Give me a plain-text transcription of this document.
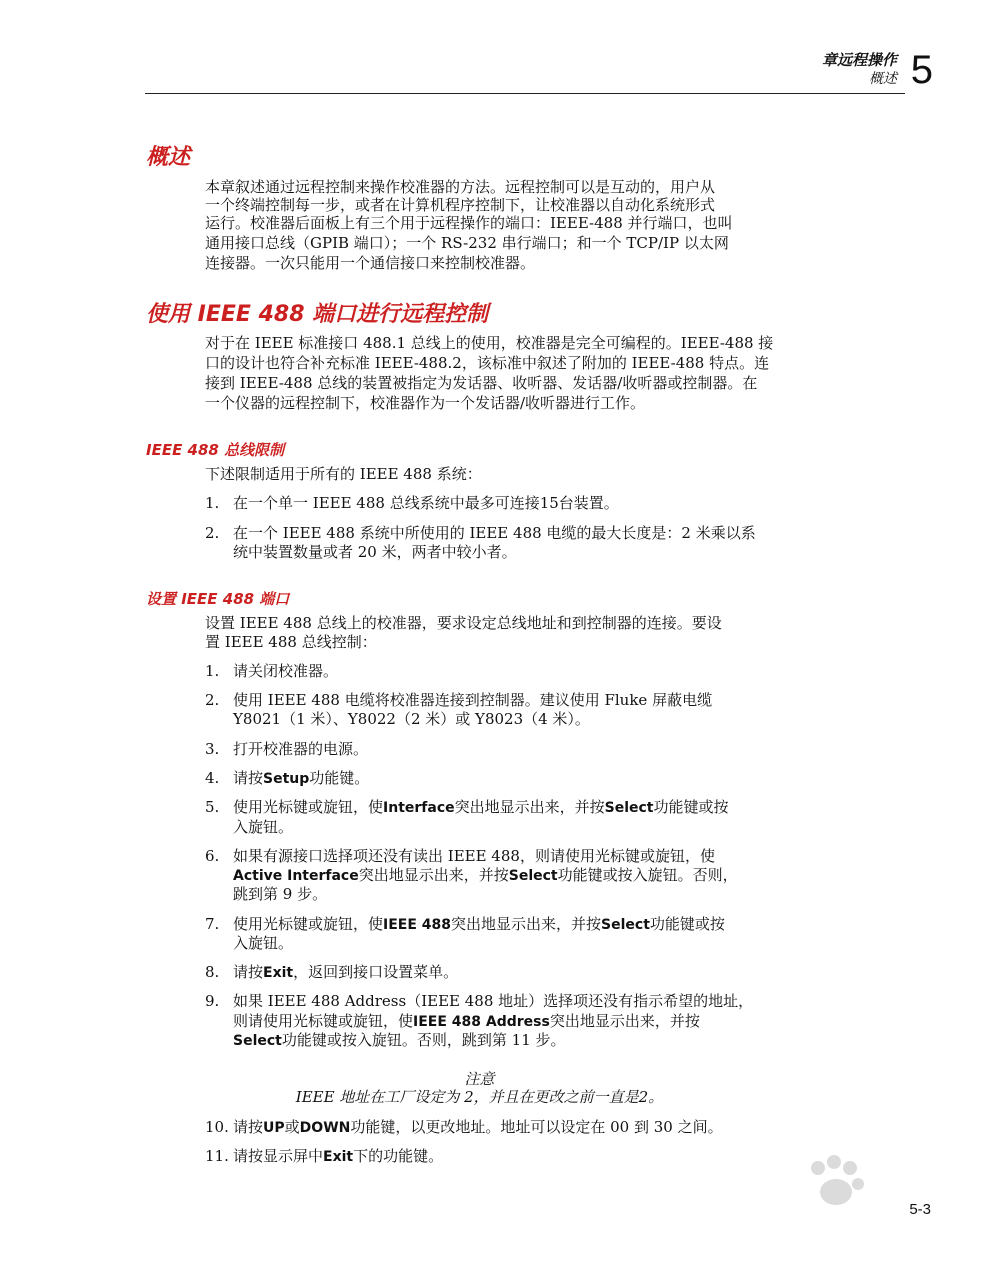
章远程操作
概述 5
概述
本章叙述通过远程控制来操作校准器的方法。远程控制可以是互动的，用户从
一个终端控制每一步，或者在计算机程序控制下，让校准器以自动化系统形式
运行。校准器后面板上有三个用于远程操作的端口：IEEE-488 并行端口，也叫
通用接口总线（GPIB 端口）；一个 RS-232 串行端口；和一个 TCP/IP 以太网
连接器。一次只能用一个通信接口来控制校准器。
使用 IEEE 488 端口进行远程控制
对于在 IEEE 标准接口 488.1 总线上的使用，校准器是完全可编程的。IEEE-488 接
口的设计也符合补充标准 IEEE-488.2，该标准中叙述了附加的 IEEE-488 特点。连
接到 IEEE-488 总线的装置被指定为发话器、收听器、发话器/收听器或控制器。在
一个仪器的远程控制下，校准器作为一个发话器/收听器进行工作。
IEEE 488 总线限制
下述限制适用于所有的 IEEE 488 系统：
1. 在一个单一 IEEE 488 总线系统中最多可连接15台装置。
2. 在一个 IEEE 488 系统中所使用的 IEEE 488 电缆的最大长度是：2 米乘以系
统中装置数量或者 20 米，两者中较小者。
设置 IEEE 488 端口
设置 IEEE 488 总线上的校准器，要求设定总线地址和到控制器的连接。要设
置 IEEE 488 总线控制：
1. 请关闭校准器。
2. 使用 IEEE 488 电缆将校准器连接到控制器。建议使用 Fluke 屏蔽电缆
Y8021（1 米）、Y8022（2 米）或 Y8023（4 米）。
3. 打开校准器的电源。
4. 请按Setup功能键。
5. 使用光标键或旋钮，使Interface突出地显示出来，并按Select功能键或按
入旋钮。
6. 如果有源接口选择项还没有读出 IEEE 488，则请使用光标键或旋钮，使
Active Interface突出地显示出来，并按Select功能键或按入旋钮。否则，
跳到第 9 步。
7. 使用光标键或旋钮，使IEEE 488突出地显示出来，并按Select功能键或按
入旋钮。
8. 请按Exit，返回到接口设置菜单。
9. 如果 IEEE 488 Address（IEEE 488 地址）选择项还没有指示希望的地址，
则请使用光标键或旋钮，使IEEE 488 Address突出地显示出来，并按
Select功能键或按入旋钮。否则，跳到第 11 步。
注意
IEEE 地址在工厂设定为 2，并且在更改之前一直是2。
10. 请按UP或DOWN功能键，以更改地址。地址可以设定在 00 到 30 之间。
11. 请按显示屏中Exit下的功能键。
5-3
